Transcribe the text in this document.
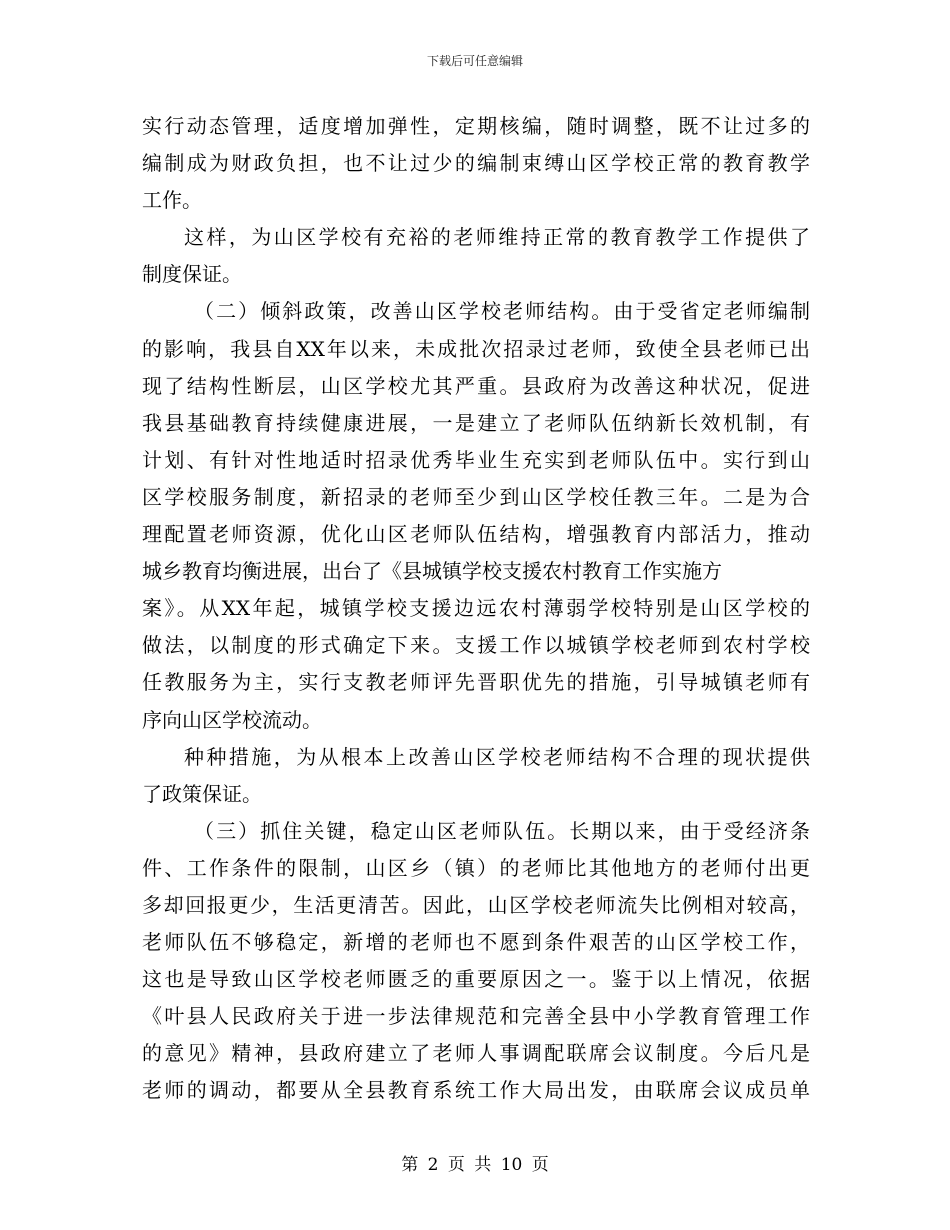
下载后可任意编辑
实行动态管理，适度增加弹性，定期核编，随时调整，既不让过多的
编制成为财政负担，也不让过少的编制束缚山区学校正常的教育教学
工作。
这样，为山区学校有充裕的老师维持正常的教育教学工作提供了
制度保证。
（二）倾斜政策，改善山区学校老师结构。由于受省定老师编制
的影响，我县自XX年以来，未成批次招录过老师，致使全县老师已出
现了结构性断层，山区学校尤其严重。县政府为改善这种状况，促进
我县基础教育持续健康进展，一是建立了老师队伍纳新长效机制，有
计划、有针对性地适时招录优秀毕业生充实到老师队伍中。实行到山
区学校服务制度，新招录的老师至少到山区学校任教三年。二是为合
理配置老师资源，优化山区老师队伍结构，增强教育内部活力，推动
城乡教育均衡进展，出台了《县城镇学校支援农村教育工作实施方
案》。从XX年起，城镇学校支援边远农村薄弱学校特别是山区学校的
做法，以制度的形式确定下来。支援工作以城镇学校老师到农村学校
任教服务为主，实行支教老师评先晋职优先的措施，引导城镇老师有
序向山区学校流动。
种种措施，为从根本上改善山区学校老师结构不合理的现状提供
了政策保证。
（三）抓住关键，稳定山区老师队伍。长期以来，由于受经济条
件、工作条件的限制，山区乡（镇）的老师比其他地方的老师付出更
多却回报更少，生活更清苦。因此，山区学校老师流失比例相对较高，
老师队伍不够稳定，新增的老师也不愿到条件艰苦的山区学校工作，
这也是导致山区学校老师匮乏的重要原因之一。鉴于以上情况，依据
《叶县人民政府关于进一步法律规范和完善全县中小学教育管理工作
的意见》精神，县政府建立了老师人事调配联席会议制度。今后凡是
老师的调动，都要从全县教育系统工作大局出发，由联席会议成员单
第 2 页 共 10 页
